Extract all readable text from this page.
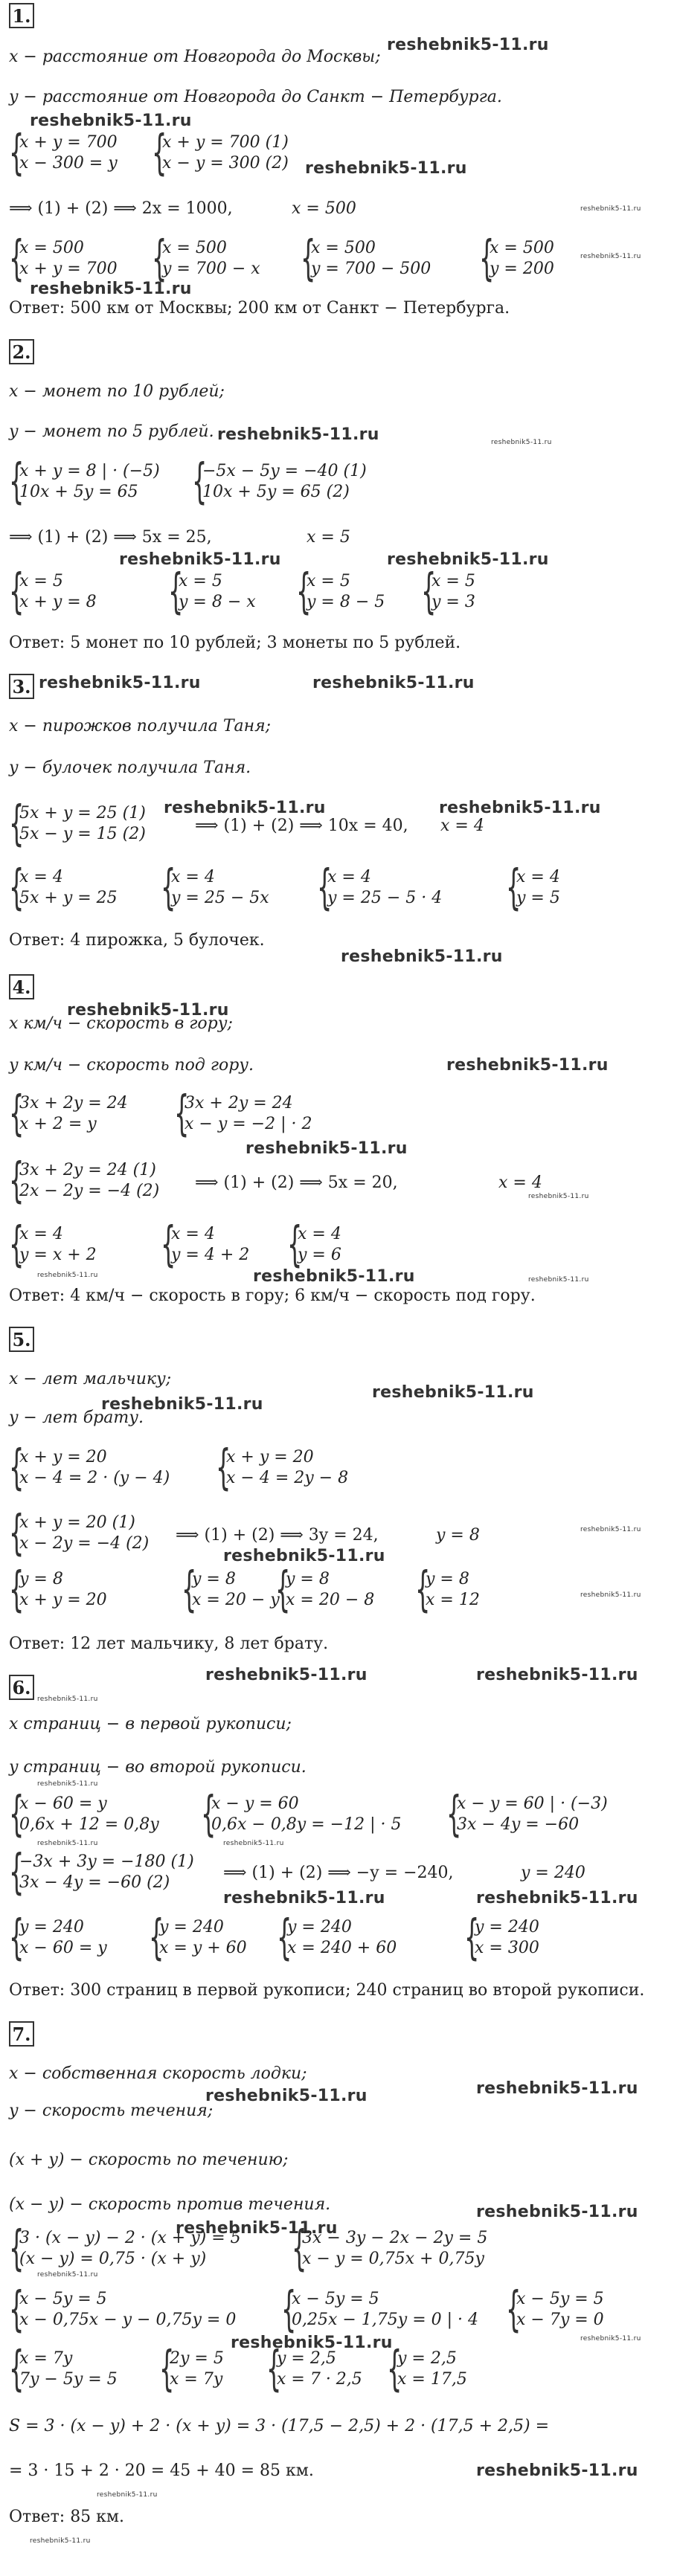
1.
reshebnik5-11.ru
x − расстояние от Новгорода до Москвы;
y − расстояние от Новгорода до Санкт − Петербурга.
reshebnik5-11.ru
{
x + y = 700
x − 300 = y {
x + y = 700 (1)
x − y = 300 (2) reshebnik5-11.ru
⟹ (1) + (2) ⟹ 2x = 1000,	x = 500	reshebnik5-11.ru
{
x = 500
x + y = 700 {
x = 500
y = 700 − x {
x = 500
y = 700 − 500 {
x = 500
y = 200
reshebnik5-11.ru
reshebnik5-11.ru
Ответ: 500 км от Москвы; 200 км от Санкт − Петербурга.
2.
x − монет по 10 рублей;
y − монет по 5 рублей. reshebnik5-11.ru	reshebnik5-11.ru
{
x + y = 8 | · (−5)
10x + 5y = 65	{
−5x − 5y = −40 (1)
10x + 5y = 65 (2)
⟹ (1) + (2) ⟹ 5x = 25,	x = 5
reshebnik5-11.ru	reshebnik5-11.ru
{
x = 5
x + y = 8 {
x = 5
y = 8 − x {
x = 5
y = 8 − 5 {
x = 5
y = 3
Ответ: 5 монет по 10 рублей; 3 монеты по 5 рублей.
3. reshebnik5-11.ru	reshebnik5-11.ru
x − пирожков получила Таня;
y − булочек получила Таня.
reshebnik5-11.ru	reshebnik5-11.ru
{
5x + y = 25 (1)
5x − y = 15 (2)	⟹ (1) + (2) ⟹ 10x = 40, x = 4
{
x = 4
5x + y = 25 {
x = 4
y = 25 − 5x {
x = 4
y = 25 − 5 · 4 {
x = 4
y = 5
Ответ: 4 пирожка, 5 булочек.
reshebnik5-11.ru
4.
reshebnik5-11.ru
x км/ч − скорость в гору;
reshebnik5-11.ru
y км/ч − скорость под гору.
{
3x + 2y = 24
x + 2 = y	{
3x + 2y = 24
x − y = −2 | · 2
reshebnik5-11.ru
{
3x + 2y = 24 (1)
2x − 2y = −4 (2) ⟹ (1) + (2) ⟹ 5x = 20,	x = 4
reshebnik5-11.ru
{
x = 4
y = x + 2 {
x = 4
y = 4 + 2 {
x = 4
y = 6
reshebnik5-11.ru	reshebnik5-11.ru	reshebnik5-11.ru
Ответ: 4 км/ч − скорость в гору; 6 км/ч − скорость под гору.
5.
x − лет мальчику;
reshebnik5-11.ru
reshebnik5-11.ru
y − лет брату.
{
x + y = 20
x − 4 = 2 · (y − 4) {
x + y = 20
x − 4 = 2y − 8
{
x + y = 20 (1)
x − 2y = −4 (2) ⟹ (1) + (2) ⟹ 3y = 24,	y = 8	reshebnik5-11.ru
reshebnik5-11.ru
{
y = 8
x + y = 20 {
y = 8
x = 20 − y
{
y = 8
x = 20 − 8 {
y = 8
x = 12	reshebnik5-11.ru
Ответ: 12 лет мальчику, 8 лет брату.
6.
reshebnik5-11.ru
reshebnik5-11.ru	reshebnik5-11.ru
x страниц − в первой рукописи;
y страниц − во второй рукописи.
reshebnik5-11.ru
{
x − 60 = y
0,6x + 12 = 0,8y {
x − y = 60
0,6x − 0,8y = −12 | · 5 {
x − y = 60 | · (−3)
3x − 4y = −60
reshebnik5-11.ru	reshebnik5-11.ru
{
−3x + 3y = −180 (1)
3x − 4y = −60 (2)
⟹ (1) + (2) ⟹ −y = −240,	y = 240
reshebnik5-11.ru	reshebnik5-11.ru
{
y = 240
x − 60 = y {
y = 240
x = y + 60 {
y = 240
x = 240 + 60 {
y = 240
x = 300
Ответ: 300 страниц в первой рукописи; 240 страниц во второй рукописи.
7.
x − собственная скорость лодки;
reshebnik5-11.ru
reshebnik5-11.ru
y − скорость течения;
(x + y) − скорость по течению;
(x − y) − скорость против течения.	reshebnik5-11.ru
reshebnik5-11.ru
{
3 · (x − y) − 2 · (x + y) = 5
(x − y) = 0,75 · (x + y)	{
3x − 3y − 2x − 2y = 5
x − y = 0,75x + 0,75y
reshebnik5-11.ru
{
x − 5y = 5
x − 0,75x − y − 0,75y = 0 {
x − 5y = 5
0,25x − 1,75y = 0 | · 4 {
x − 5y = 5
x − 7y = 0
reshebnik5-11.ru
reshebnik5-11.ru
{
x = 7y
7y − 5y = 5 {
2y = 5
x = 7y {
y = 2,5
x = 7 · 2,5 {
y = 2,5
x = 17,5
S = 3 · (x − y) + 2 · (x + y) = 3 · (17,5 − 2,5) + 2 · (17,5 + 2,5) =
= 3 · 15 + 2 · 20 = 45 + 40 = 85 км.	reshebnik5-11.ru
reshebnik5-11.ru
Ответ: 85 км.
reshebnik5-11.ru
